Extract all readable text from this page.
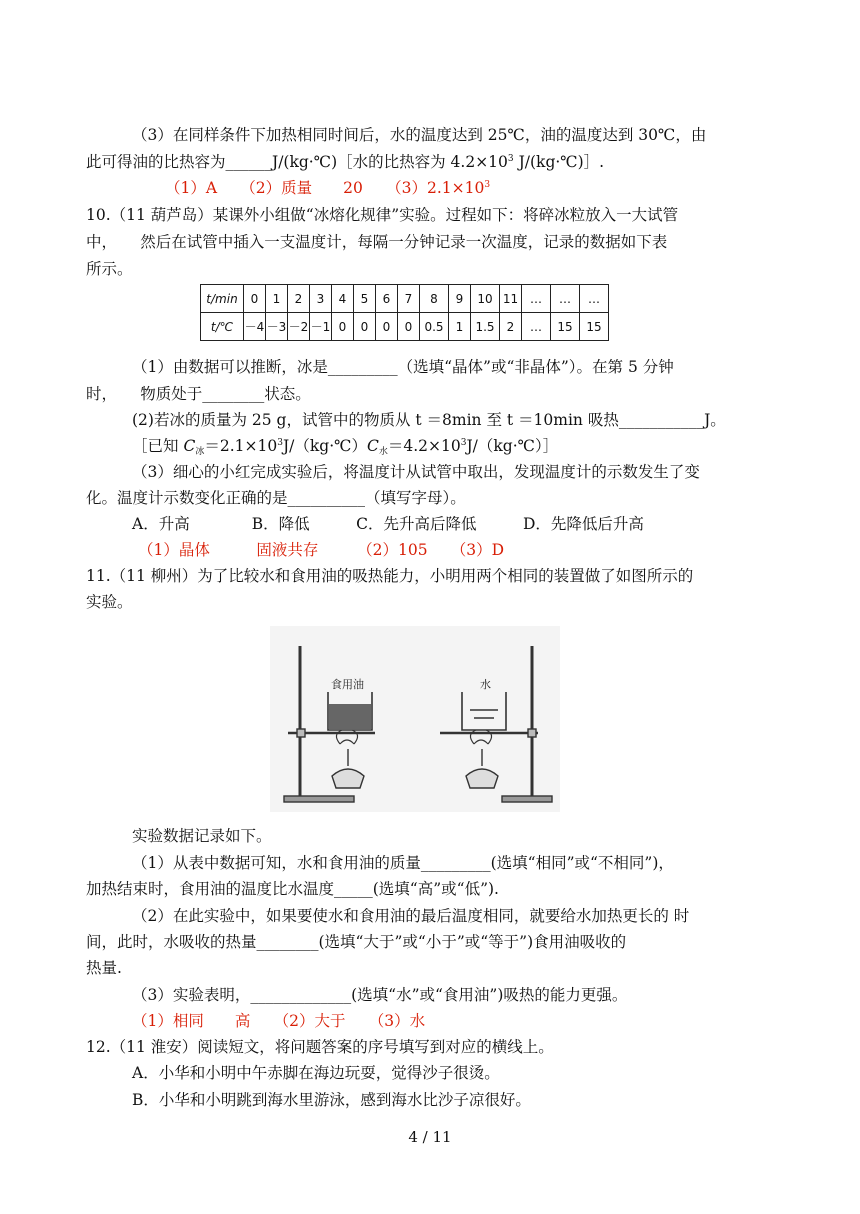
（3）在同样条件下加热相同时间后，水的温度达到 25℃，油的温度达到 30℃，由
此可得油的比热容为______J/(kg·℃)［水的比热容为 $4.2\times 10^3$ J/(kg·℃)］.
（1）A　　（2）质量　　20　　$(3)2.1\times 10^3$
10.（11 葫芦岛）某课外小组做“冰熔化规律”实验。过程如下：将碎冰粒放入一大试管
中，　　然后在试管中插入一支温度计，每隔一分钟记录一次温度，记录的数据如下表
所示。
t/min	0	1	2	3	4	5	6	7	8	9	10	11	…	…	…
t/℃	－4	－3	－2	－1	0	0	0	0	0.5	1	1.5	2	…	15	15
（1）由数据可以推断，冰是_________（选填“晶体”或“非晶体”）。在第 5 分钟
时，　　物质处于________状态。
(2)若冰的质量为 25 g，试管中的物质从 t ＝8min 至 t ＝10min 吸热___________J。
［已知 $C_冰=2.1\times 10^3J/(kg\cdot℃)C_水=4.2\times 10^3J/(kg\cdot℃)]$
（3）细心的小红完成实验后，将温度计从试管中取出，发现温度计的示数发生了变
化。温度计示数变化正确的是__________（填写字母）。
A．升高　　　　B．降低　　　C．先升高后降低　　　D．先降低后升高
（1）晶体　　　固液共存　　　（2）105　　（3）D
11.（11 柳州）为了比较水和食用油的吸热能力，小明用两个相同的装置做了如图所示的
实验。
食用油	水
实验数据记录如下。
（1）从表中数据可知，水和食用油的质量_________(选填“相同”或“不相同”)，
加热结束时，食用油的温度比水温度_____(选填“高”或“低”).
（2）在此实验中，如果要使水和食用油的最后温度相同，就要给水加热更长的 时
间，此时，水吸收的热量________(选填“大于”或“小于”或“等于”)食用油吸收的
热量.
（3）实验表明，_____________(选填“水”或“食用油”)吸热的能力更强。
（1）相同　　高　　（2）大于　　（3）水
12.（11 淮安）阅读短文，将问题答案的序号填写到对应的横线上。
A．小华和小明中午赤脚在海边玩耍，觉得沙子很烫。
B．小华和小明跳到海水里游泳，感到海水比沙子凉很好。
4 / 11
